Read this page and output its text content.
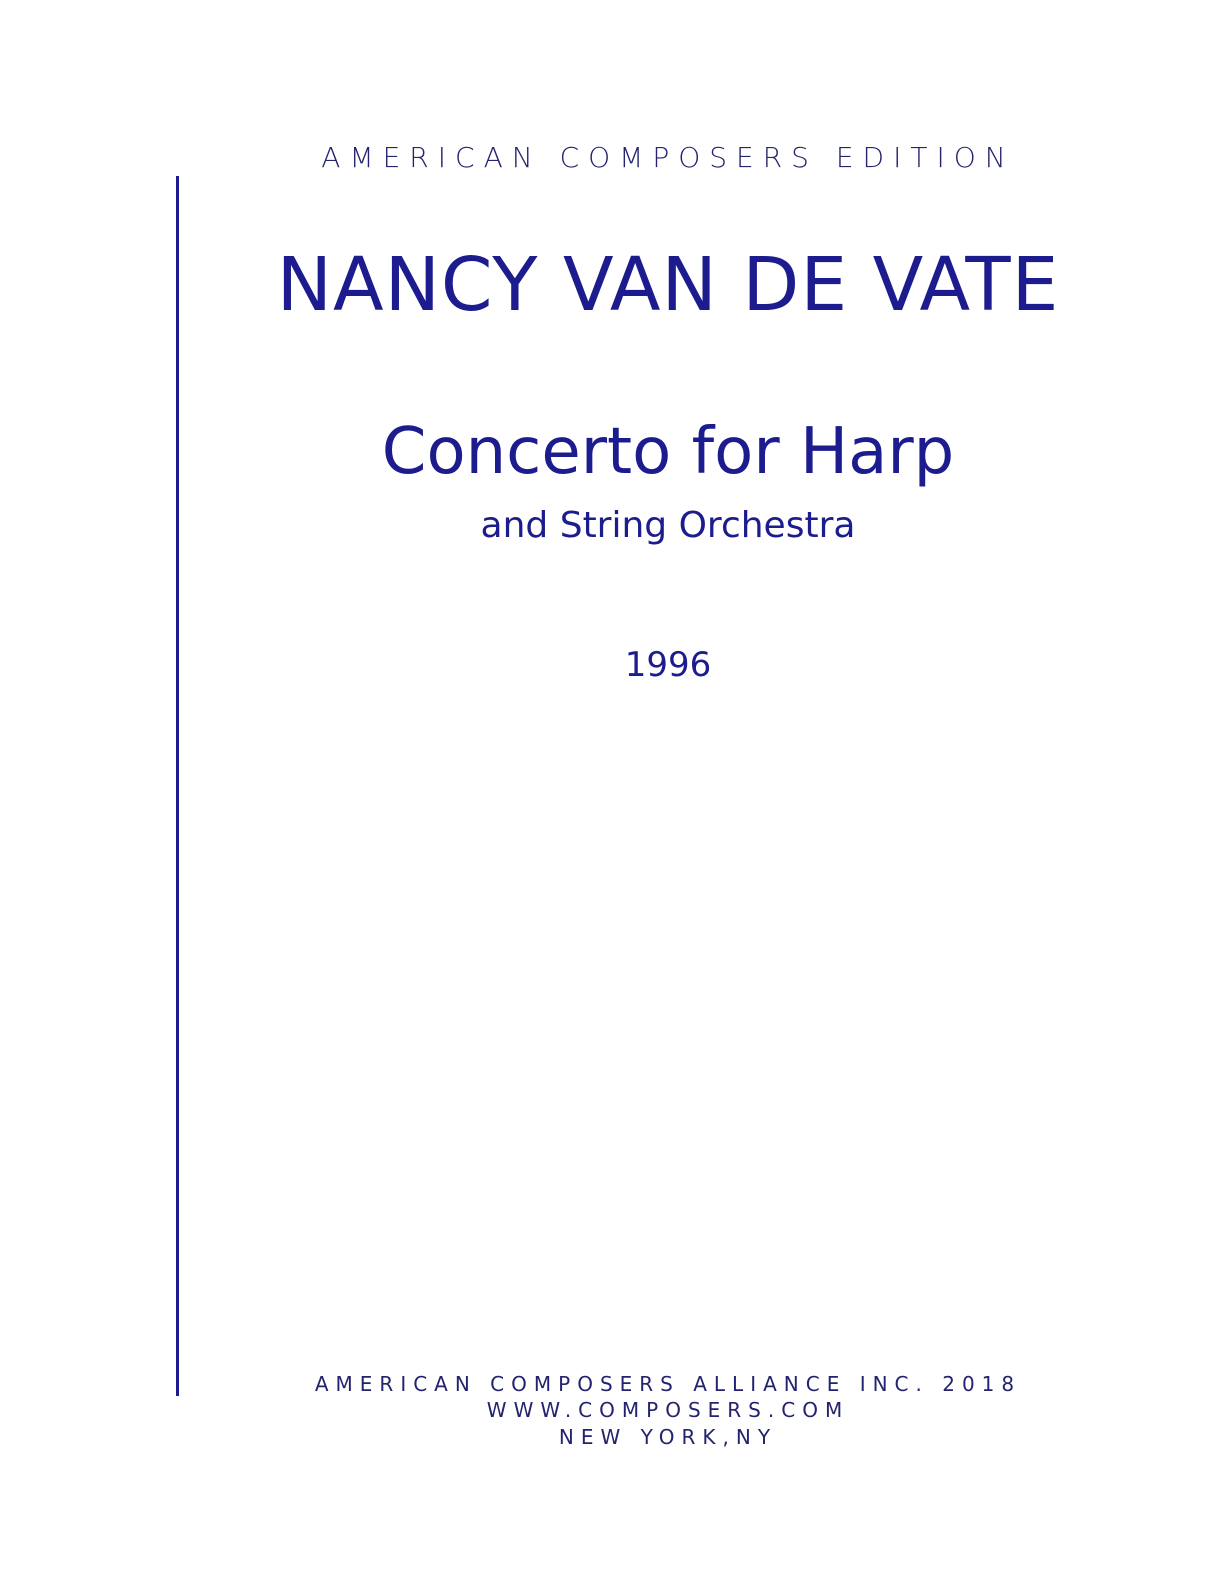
AMERICAN COMPOSERS EDITION
NANCY VAN DE VATE
Concerto for Harp
and String Orchestra
1996
AMERICAN COMPOSERS ALLIANCE INC. 2018
WWW.COMPOSERS.COM
NEW YORK,NY
